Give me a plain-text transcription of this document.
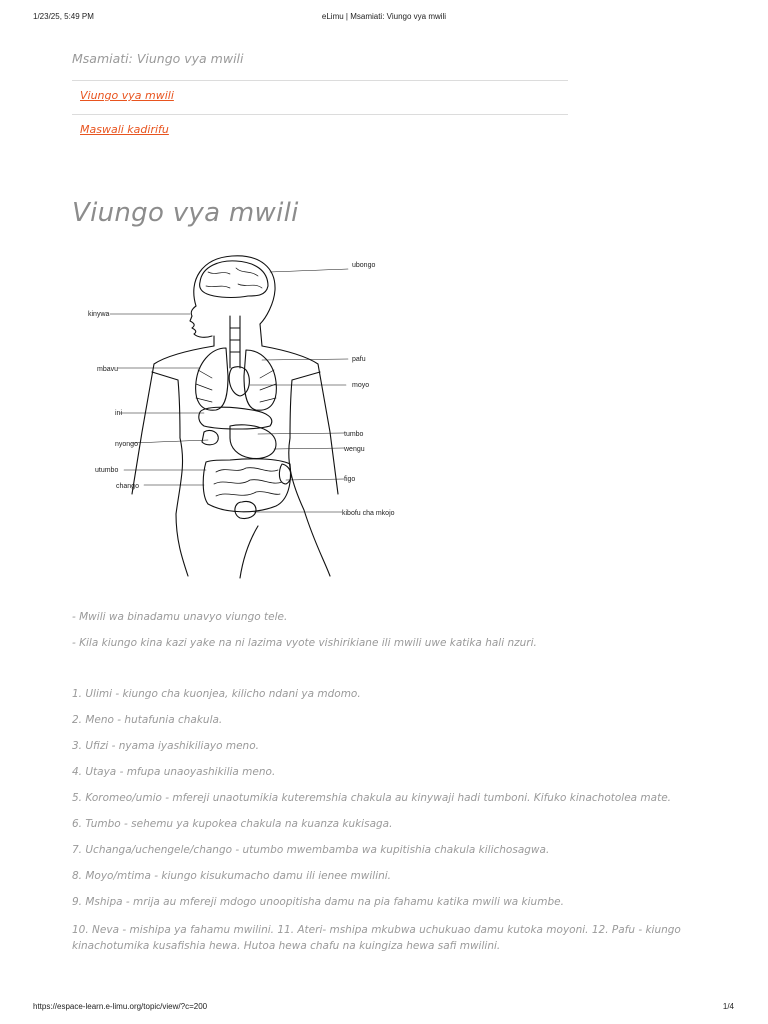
1/23/25, 5:49 PM	eLimu | Msamiati: Viungo vya mwili
Msamiati: Viungo vya mwili
Viungo vya mwili
Maswali kadirifu
Viungo vya mwili
ubongo
kinywa
pafu
mbavu
moyo
ini
tumbo
nyongo
wengu
utumbo
figo
chango
kibofu cha mkojo

- Mwili wa binadamu unavyo viungo tele.

- Kila kiungo kina kazi yake na ni lazima vyote vishirikiane ili mwili uwe katika hali nzuri.

1. Ulimi - kiungo cha kuonjea, kilicho ndani ya mdomo.
2. Meno - hutafunia chakula.
3. Ufizi - nyama iyashikiliayo meno.
4. Utaya - mfupa unaoyashikilia meno.
5. Koromeo/umio - mfereji unaotumikia kuteremshia chakula au kinywaji hadi tumboni. Kifuko kinachotolea mate.
6. Tumbo - sehemu ya kupokea chakula na kuanza kukisaga.
7. Uchanga/uchengele/chango - utumbo mwembamba wa kupitishia chakula kilichosagwa.
8. Moyo/mtima - kiungo kisukumacho damu ili ienee mwilini.
9. Mshipa - mrija au mfereji mdogo unoopitisha damu na pia fahamu katika mwili wa kiumbe.
10. Neva - mishipa ya fahamu mwilini. 11. Ateri- mshipa mkubwa uchukuao damu kutoka moyoni. 12. Pafu - kiungo kinachotumika kusafishia hewa. Hutoa hewa chafu na kuingiza hewa safi mwilini.
https://espace-learn.e-limu.org/topic/view/?c=200	1/4
